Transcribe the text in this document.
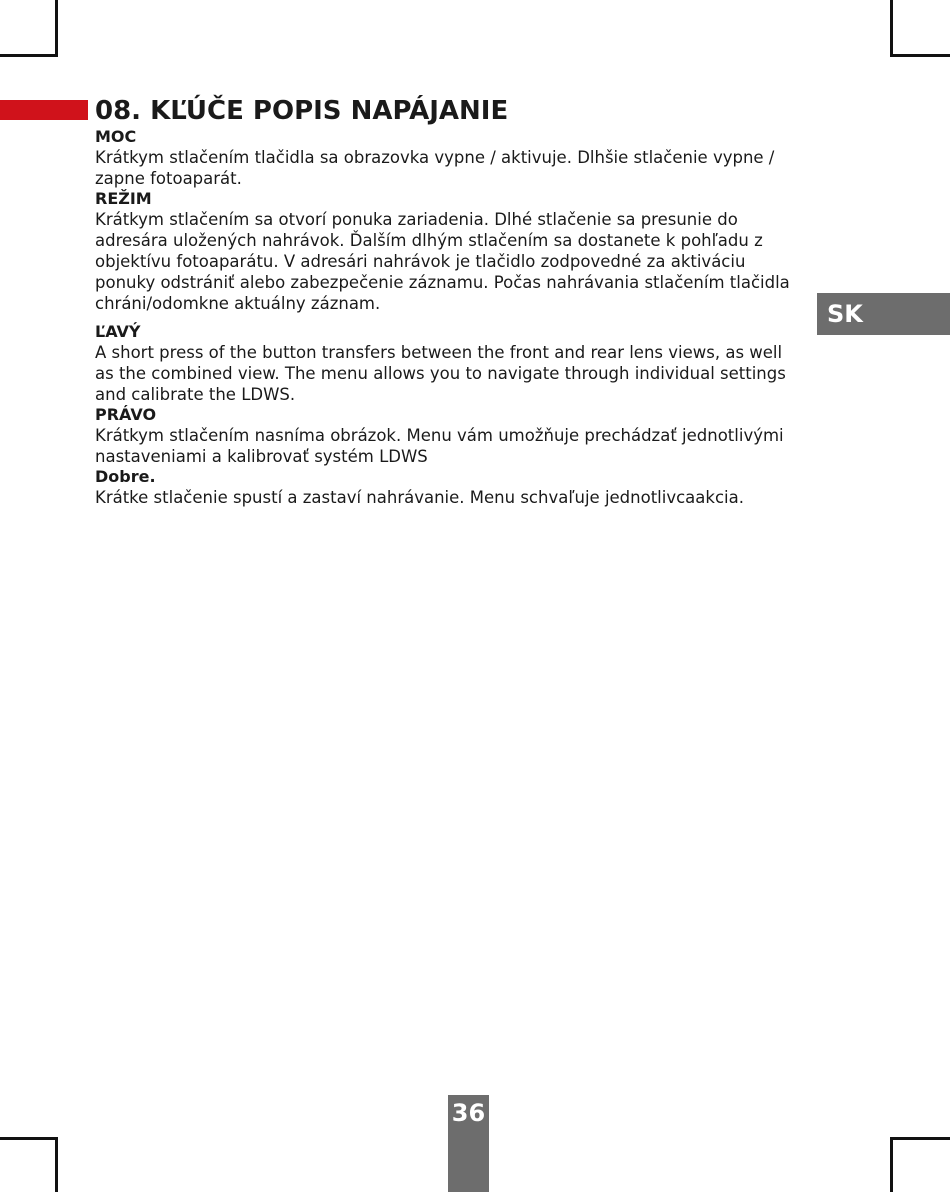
08. KĽÚČE POPIS NAPÁJANIE

MOC

Krátkym stlačením tlačidla sa obrazovka vypne / aktivuje. Dlhšie stlačenie vypne / zapne fotoaparát.

REŽIM

Krátkym stlačením sa otvorí ponuka zariadenia. Dlhé stlačenie sa presunie do adresára uložených nahrávok. Ďalším dlhým stlačením sa dostanete k pohľadu z objektívu fotoaparátu. V adresári nahrávok je tlačidlo zodpovedné za aktiváciu ponuky odstrániť alebo zabezpečenie záznamu. Počas nahrávania stlačením tlačidla chráni/odomkne aktuálny záznam.

ĽAVÝ

A short press of the button transfers between the front and rear lens views, as well as the combined view. The menu allows you to navigate through individual settings and calibrate the LDWS.

PRÁVO

Krátkym stlačením nasníma obrázok. Menu vám umožňuje prechádzať jednotlivými nastaveniami a kalibrovať systém LDWS

Dobre.

Krátke stlačenie spustí a zastaví nahrávanie. Menu schvaľuje jednotlivcaakcia.

SK
36
